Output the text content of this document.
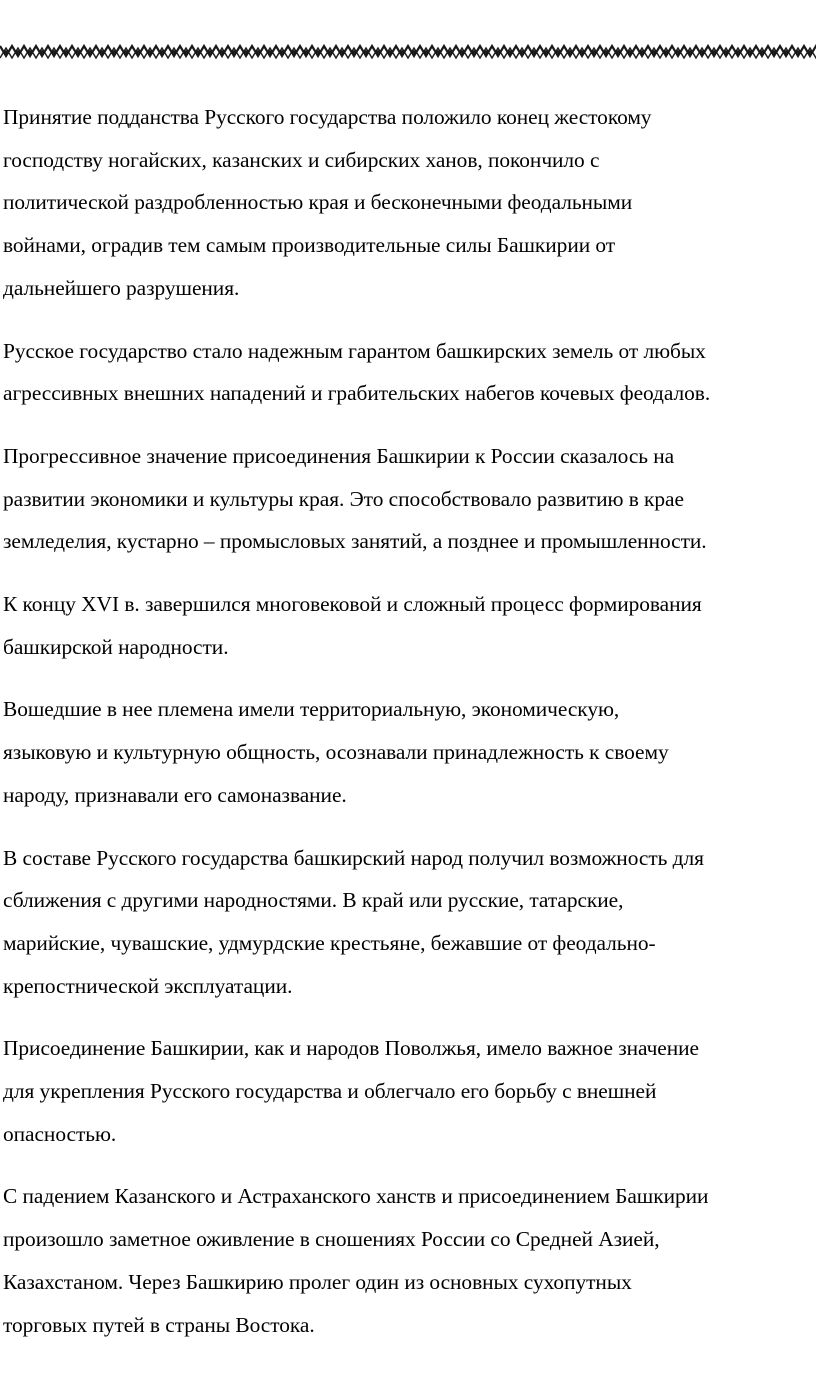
Принятие подданства Русского государства положило конец жестокому
господству ногайских, казанских и сибирских ханов, покончило с
политической раздробленностью края и бесконечными феодальными
войнами, оградив тем самым производительные силы Башкирии от
дальнейшего разрушения.

Русское государство стало надежным гарантом башкирских земель от любых
агрессивных внешних нападений и грабительских набегов кочевых феодалов.

Прогрессивное значение присоединения Башкирии к России сказалось на
развитии экономики и культуры края. Это способствовало развитию в крае
земледелия, кустарно – промысловых занятий, а позднее и промышленности.

К концу XVI в. завершился многовековой и сложный процесс формирования
башкирской народности.

Вошедшие в нее племена имели территориальную, экономическую,
языковую и культурную общность, осознавали принадлежность к своему
народу, признавали его самоназвание.

В составе Русского государства башкирский народ получил возможность для
сближения с другими народностями. В край или русские, татарские,
марийские, чувашские, удмурдские крестьяне, бежавшие от феодально-
крепостнической эксплуатации.

Присоединение Башкирии, как и народов Поволжья, имело важное значение
для укрепления Русского государства и облегчало его борьбу с внешней
опасностью.

С падением Казанского и Астраханского ханств и присоединением Башкирии
произошло заметное оживление в сношениях России со Средней Азией,
Казахстаном. Через Башкирию пролег один из основных сухопутных
торговых путей в страны Востока.
